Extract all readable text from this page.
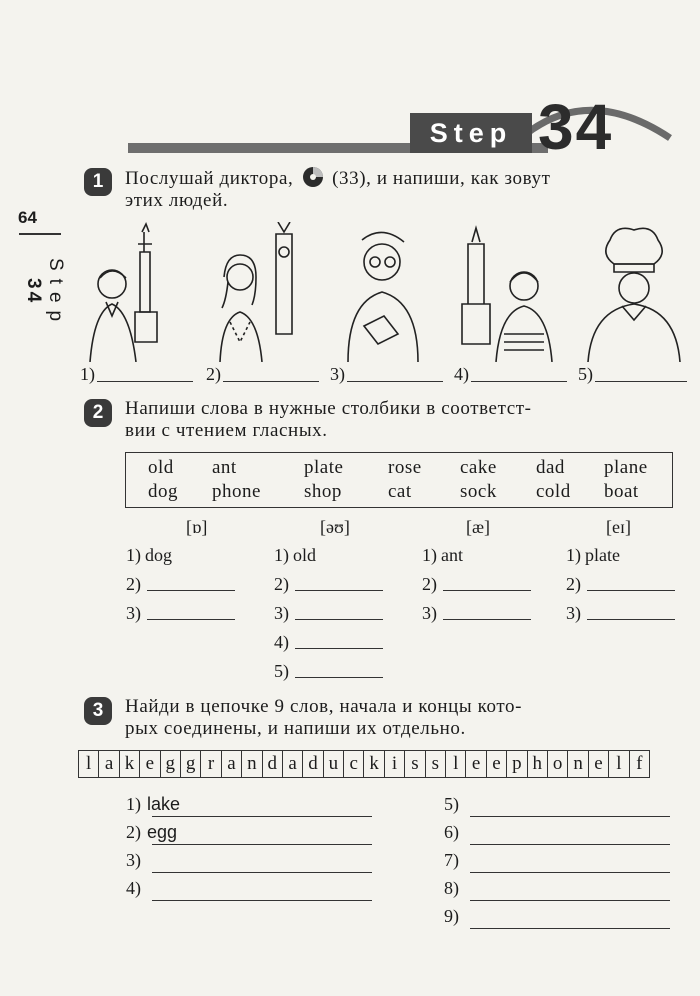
Step 34
64
Step
34
1	Послушай диктора, (33), и напиши, как зовут
этих людей.
1)	2)	3)	4)	5)
2	Напиши слова в нужные столбики в соответст-
вии с чтением гласных.
old ant	plate rose cake dad plane
dog phone shop cat	sock cold boat
[ɒ]
1) dog
2)
3)
[əʊ]
1) old
2)
3)
4)
5)
[æ]
1) ant
2)
3)
[eɪ]
1) plate
2)
3)
3	Найди в цепочке 9 слов, начала и концы кото-
рых соединены, и напиши их отдельно.
l a k e g g r a n d a d u c k i s s l e e p h o n e l f
1) lake
2) egg
3)
4)
5)
6)
7)
8)
9)
